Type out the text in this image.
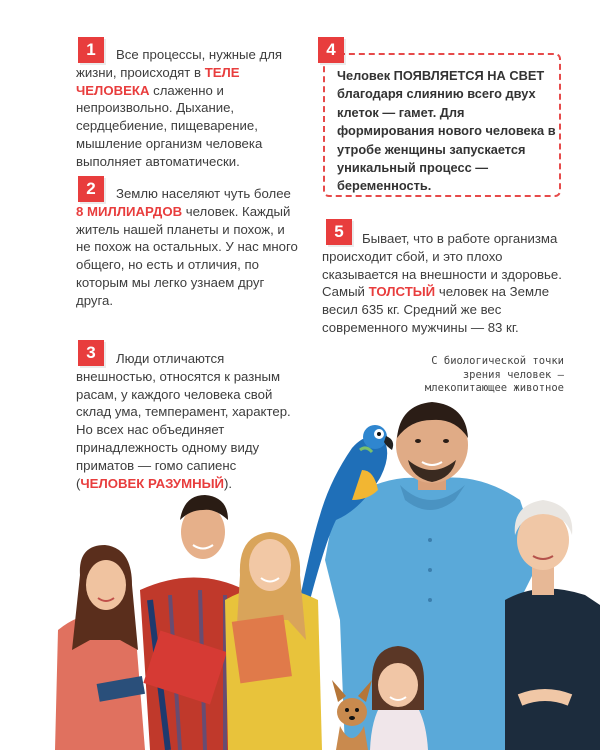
1	Все процессы, нужные для жизни, происходят в ТЕЛЕ ЧЕЛОВЕКА слаженно и непроизвольно. Дыхание, сердцебиение, пищеварение, мышление организм человека выполняет автоматически.
2	Землю населяют чуть более 8 МИЛЛИАРДОВ человек. Каждый житель нашей планеты и похож, и не похож на остальных. У нас много общего, но есть и отличия, по которым мы легко узнаем друг друга.
3	Люди отличаются внешностью, относятся к разным расам, у каждого человека свой склад ума, темперамент, характер. Но всех нас объединяет принадлежность одному виду приматов — гомо сапиенс (ЧЕЛОВЕК РАЗУМНЫЙ).
4
Человек ПОЯВЛЯЕТСЯ НА СВЕТ благодаря слиянию всего двух клеток — гамет. Для формирования нового человека в утробе женщины запускается уникальный процесс — беременность.
5	Бывает, что в работе организма происходит сбой, и это плохо сказывается на внешности и здоровье. Самый ТОЛСТЫЙ человек на Земле весил 635 кг. Средний же вес современного мужчины — 83 кг.
С биологической точки зрения человек — млекопитающее животное
